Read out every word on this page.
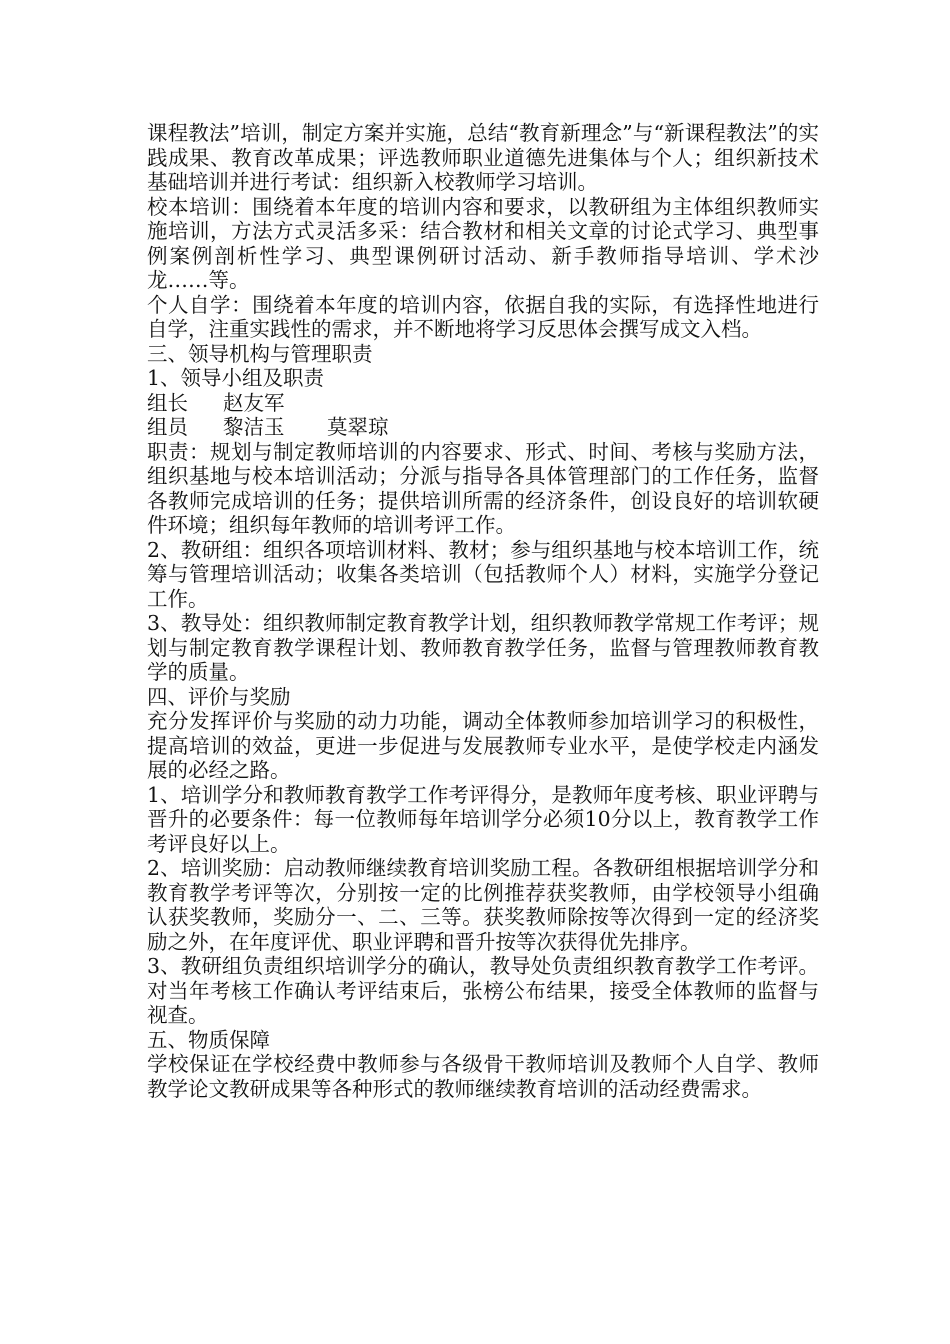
课程教法”培训，制定方案并实施，总结“教育新理念”与“新课程教法”的实践成果、教育改革成果；评选教师职业道德先进集体与个人；组织新技术基础培训并进行考试：组织新入校教师学习培训。

校本培训：围绕着本年度的培训内容和要求，以教研组为主体组织教师实施培训，方法方式灵活多采：结合教材和相关文章的讨论式学习、典型事例案例剖析性学习、典型课例研讨活动、新手教师指导培训、学术沙龙……等。

个人自学：围绕着本年度的培训内容，依据自我的实际，有选择性地进行自学，注重实践性的需求，并不断地将学习反思体会撰写成文入档。

三、领导机构与管理职责

1、领导小组及职责

组长 赵友军

组员 黎洁玉 莫翠琼

职责：规划与制定教师培训的内容要求、形式、时间、考核与奖励方法，组织基地与校本培训活动；分派与指导各具体管理部门的工作任务，监督各教师完成培训的任务；提供培训所需的经济条件，创设良好的培训软硬件环境；组织每年教师的培训考评工作。

2、教研组：组织各项培训材料、教材；参与组织基地与校本培训工作，统筹与管理培训活动；收集各类培训（包括教师个人）材料，实施学分登记工作。

3、教导处：组织教师制定教育教学计划，组织教师教学常规工作考评；规划与制定教育教学课程计划、教师教育教学任务，监督与管理教师教育教学的质量。

四、评价与奖励

充分发挥评价与奖励的动力功能，调动全体教师参加培训学习的积极性，提高培训的效益，更进一步促进与发展教师专业水平，是使学校走内涵发展的必经之路。

1、培训学分和教师教育教学工作考评得分，是教师年度考核、职业评聘与晋升的必要条件：每一位教师每年培训学分必须10分以上，教育教学工作考评良好以上。

2、培训奖励：启动教师继续教育培训奖励工程。各教研组根据培训学分和教育教学考评等次，分别按一定的比例推荐获奖教师，由学校领导小组确认获奖教师，奖励分一、二、三等。获奖教师除按等次得到一定的经济奖励之外，在年度评优、职业评聘和晋升按等次获得优先排序。

3、教研组负责组织培训学分的确认，教导处负责组织教育教学工作考评。对当年考核工作确认考评结束后，张榜公布结果，接受全体教师的监督与视查。

五、物质保障

学校保证在学校经费中教师参与各级骨干教师培训及教师个人自学、教师教学论文教研成果等各种形式的教师继续教育培训的活动经费需求。
